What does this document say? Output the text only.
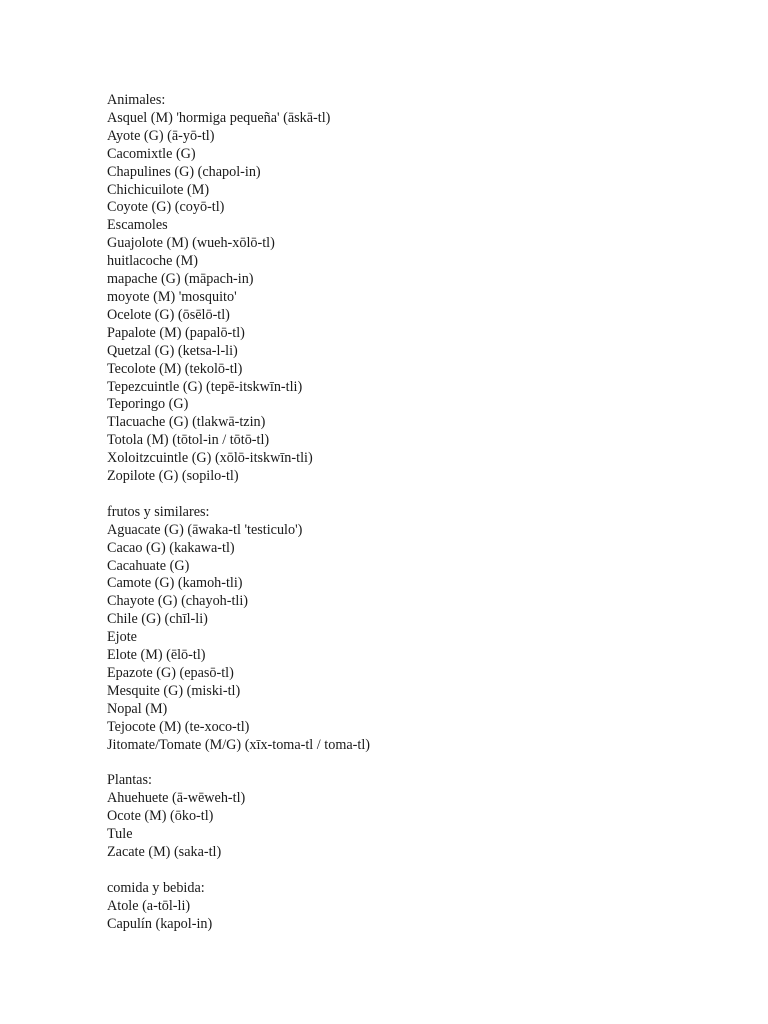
Animales:
Asquel (M) 'hormiga pequeña' (āskā-tl)
Ayote (G) (ā-yō-tl)
Cacomixtle (G)
Chapulines (G) (chapol-in)
Chichicuilote (M)
Coyote (G) (coyō-tl)
Escamoles
Guajolote (M) (wueh-xōlō-tl)
huitlacoche (M)
mapache (G) (māpach-in)
moyote (M) 'mosquito'
Ocelote (G) (ōsēlō-tl)
Papalote (M) (papalō-tl)
Quetzal (G) (ketsa-l-li)
Tecolote (M) (tekolō-tl)
Tepezcuintle (G) (tepē-itskwīn-tli)
Teporingo (G)
Tlacuache (G) (tlakwā-tzin)
Totola (M) (tōtol-in / tōtō-tl)
Xoloitzcuintle (G) (xōlō-itskwīn-tli)
Zopilote (G) (sopilo-tl)
frutos y similares:
Aguacate (G) (āwaka-tl 'testiculo')
Cacao (G) (kakawa-tl)
Cacahuate (G)
Camote (G) (kamoh-tli)
Chayote (G) (chayoh-tli)
Chile (G) (chīl-li)
Ejote
Elote (M) (ēlō-tl)
Epazote (G) (epasō-tl)
Mesquite (G) (miski-tl)
Nopal (M)
Tejocote (M) (te-xoco-tl)
Jitomate/Tomate (M/G) (xīx-toma-tl / toma-tl)
Plantas:
Ahuehuete (ā-wēweh-tl)
Ocote (M) (ōko-tl)
Tule
Zacate (M) (saka-tl)
comida y bebida:
Atole (a-tōl-li)
Capulín (kapol-in)
